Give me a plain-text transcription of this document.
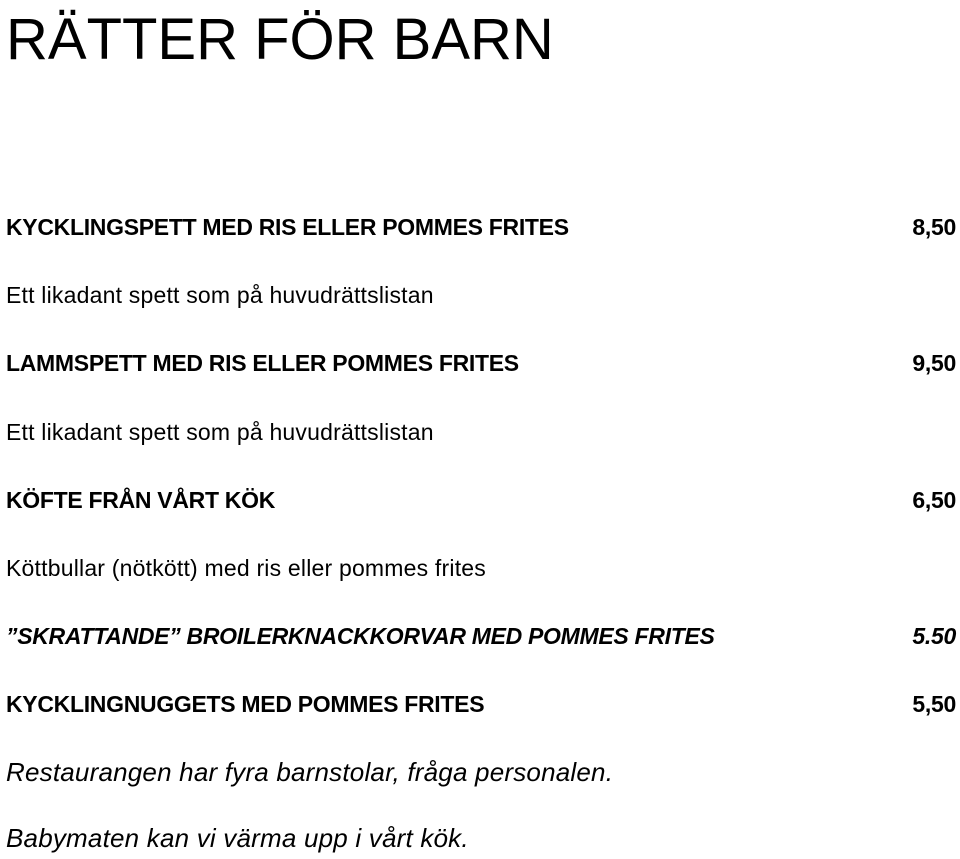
RÄTTER FÖR BARN
KYCKLINGSPETT MED RIS ELLER POMMES FRITES	8,50
Ett likadant spett som på huvudrättslistan
LAMMSPETT MED RIS ELLER POMMES FRITES	9,50
Ett likadant spett som på huvudrättslistan
KÖFTE FRÅN VÅRT KÖK	6,50
Köttbullar (nötkött) med ris eller pommes frites
”SKRATTANDE” BROILERKNACKKORVAR MED POMMES FRITES	5.50
KYCKLINGNUGGETS MED POMMES FRITES	5,50
Restaurangen har fyra barnstolar, fråga personalen.
Babymaten kan vi värma upp i vårt kök.
